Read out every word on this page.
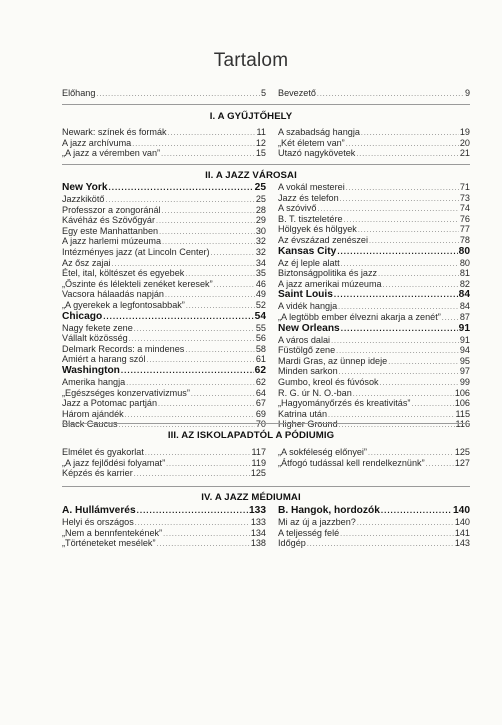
Tartalom
Előhang .....	5 Bevezető .....	9
I. A GYŰJTŐHELY
Newark: színek és formák .....	11
A jazz archívuma .....	12
„A jazz a véremben van” .....	15
A szabadság hangja .....	19
„Két életem van” .....	20
Utazó nagykövetek .....	21
II. A JAZZ VÁROSAI
New York .....	25
Jazzkikötő .....	25
Professzor a zongoránál .....	28
Kávéház és Szövőgyár .....	29
Egy este Manhattanben .....	30
A jazz harlemi múzeuma .....	32
Intézményes jazz (at Lincoln Center) .....	32
Az ősz zajai .....	34
Étel, ital, költészet és egyebek .....	35
„Őszinte és lélekteli zenéket keresek” .....	46
Vacsora hálaadás napján .....	49
„A gyerekek a legfontosabbak” .....	52
Chicago .....	54
Nagy fekete zene .....	55
Vállalt közösség .....	56
Delmark Records: a mindenes .....	58
Amiért a harang szól .....	61
Washington .....	62
Amerika hangja .....	62
„Egészséges konzervativizmus” .....	64
Jazz a Potomac partján .....	67
Három ajándék .....	69
Black Caucus .....	70
A vokál mesterei .....	71
Jazz és telefon .....	73
A szóvivő .....	74
B. T. tiszteletére .....	76
Hölgyek és hölgyek .....	77
Az évszázad zenészei .....	78
Kansas City .....	80
Az éj leple alatt .....	80
Biztonságpolitika és jazz .....	81
A jazz amerikai múzeuma .....	82
Saint Louis .....	84
A vidék hangja .....	84
„A legtöbb ember élvezni akarja a zenét” ..... 87
New Orleans .....	91
A város dalai .....	91
Füstölgő zene .....	94
Mardi Gras, az ünnep ideje .....	95
Minden sarkon .....	97
Gumbo, kreol és fúvósok .....	99
R. G. úr N. O.-ban .....	106
„Hagyományőrzés és kreativitás” .....	106
Katrina után .....	115
Higher Ground .....	116
III. AZ ISKOLAPADTÓL A PÓDIUMIG
Elmélet és gyakorlat .....	117
„A jazz fejlődési folyamat” .....	119
Képzés és karrier .....	125
„A sokféleség előnyei” .....	125
„Átfogó tudással kell rendelkeznünk” .....	127
IV. A JAZZ MÉDIUMAI
A. Hullámverés .....	133
Helyi és országos .....	133
„Nem a bennfentekének” .....	134
„Történeteket mesélek” .....	138
B. Hangok, hordozók .....	140
Mi az új a jazzben? .....	140
A teljesség felé .....	141
Időgép .....	143
